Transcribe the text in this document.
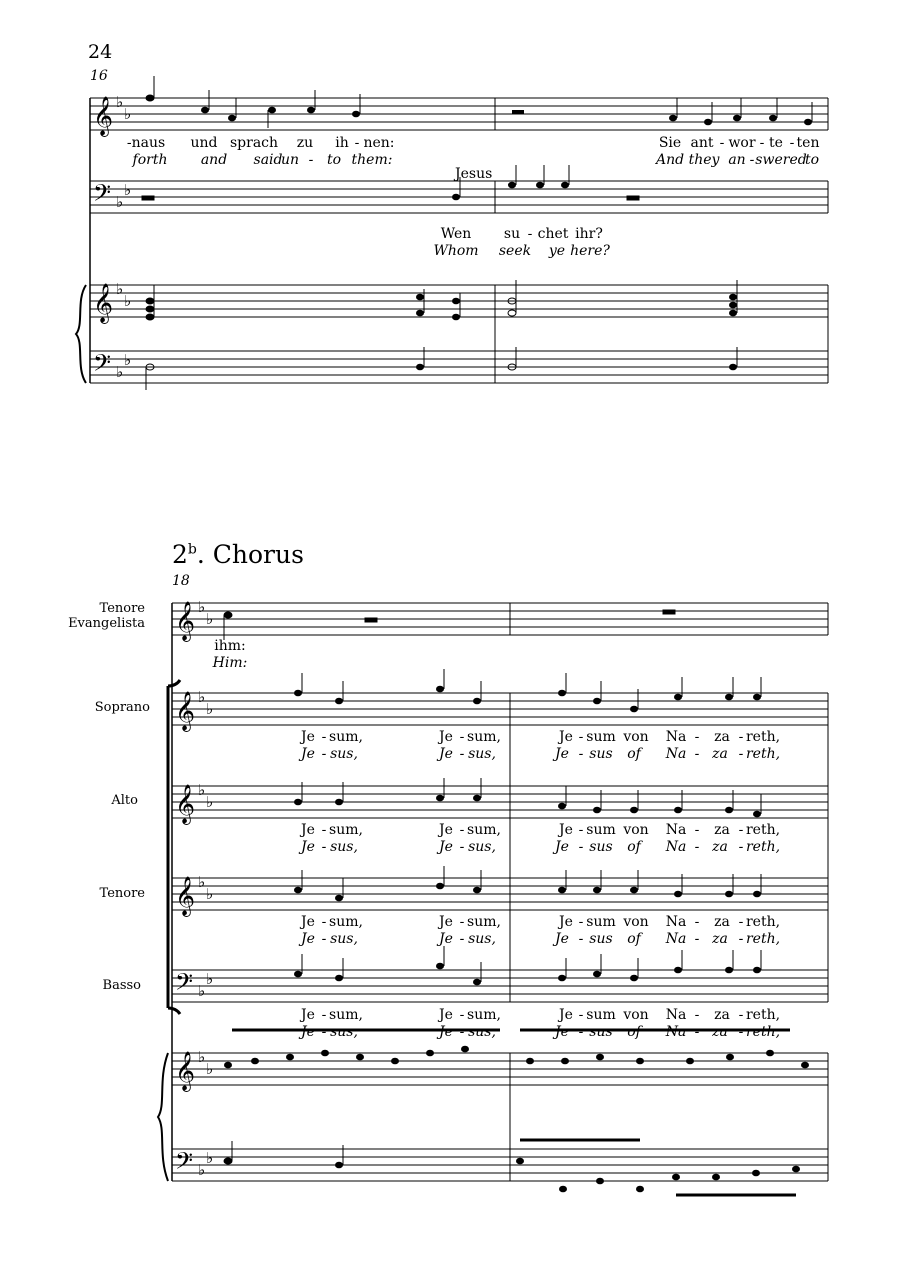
24
16
𝄞 ♭
♭
𝄢 ♭
♭
𝄞 ♭
♭
𝄢 ♭
♭
𝄞 ♭
♭
𝄞 ♭
♭
𝄞 ♭
♭
𝄞 ♭
♭
𝄢 ♭
♭
𝄞 ♭
♭
𝄢 ♭
♭
-naus und sprach zu ih - nen:	Sie ant - wor - te - ten
forth and said
un - to them:	And they an - swered
to
Jesus
Wen su - chet ihr?
Whom seek ye here?
2$^b$. Chorus
18
Tenore
Evangelista
Soprano
Alto
Tenore
Basso
ihm:
Him:
Je - sum,	Je - sum,	Je - sum von Na - za - reth,
Je - sus,	Je - sus,	Je - sus of Na - za - reth,
Je - sum,	Je - sum,	Je - sum von Na - za - reth,
Je - sus,	Je - sus,	Je - sus of Na - za - reth,
Je - sum,	Je - sum,	Je - sum von Na - za - reth,
Je - sus,	Je - sus,	Je - sus of Na - za - reth,
Je - sum,	Je - sum,	Je - sum von Na - za - reth,
Je - sus,	Je - sus,	Je - sus of Na - za - reth,
